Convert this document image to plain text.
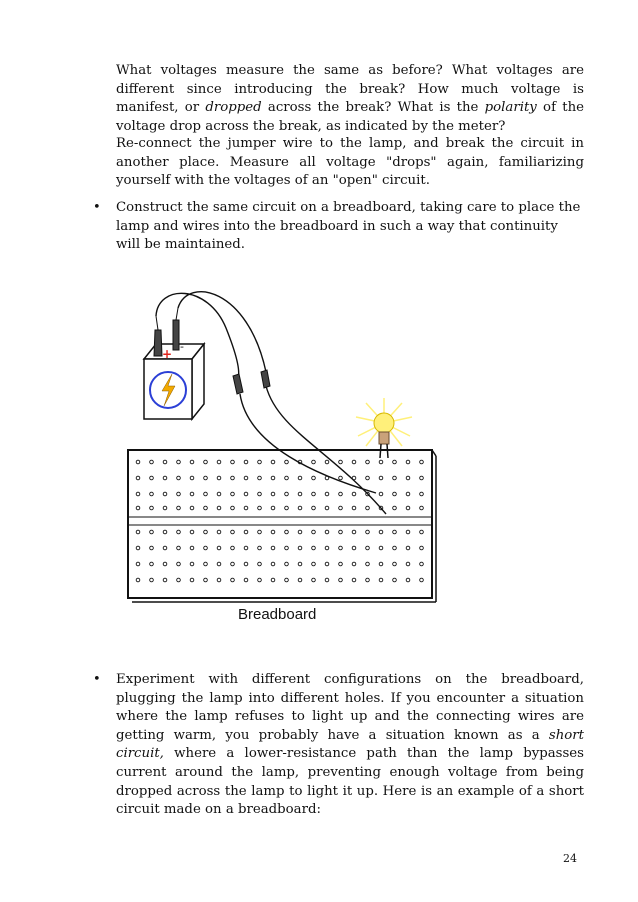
What voltages measure the same as before? What voltages are different since introducing the break? How much voltage is manifest, or dropped across the break? What is the polarity of the voltage drop across the break, as indicated by the meter?

Re-connect the jumper wire to the lamp, and break the circuit in another place. Measure all voltage "drops" again, familiarizing yourself with the voltages of an "open" circuit.

• Construct the same circuit on a breadboard, taking care to place the lamp and wires into the breadboard in such a way that continuity will be maintained.

+
-
Breadboard
• Experiment with different configurations on the breadboard, plugging the lamp into different holes. If you encounter a situation where the lamp refuses to light up and the connecting wires are getting warm, you probably have a situation known as a short circuit, where a lower-resistance path than the lamp bypasses current around the lamp, preventing enough voltage from being dropped across the lamp to light it up. Here is an example of a short circuit made on a breadboard:

24
